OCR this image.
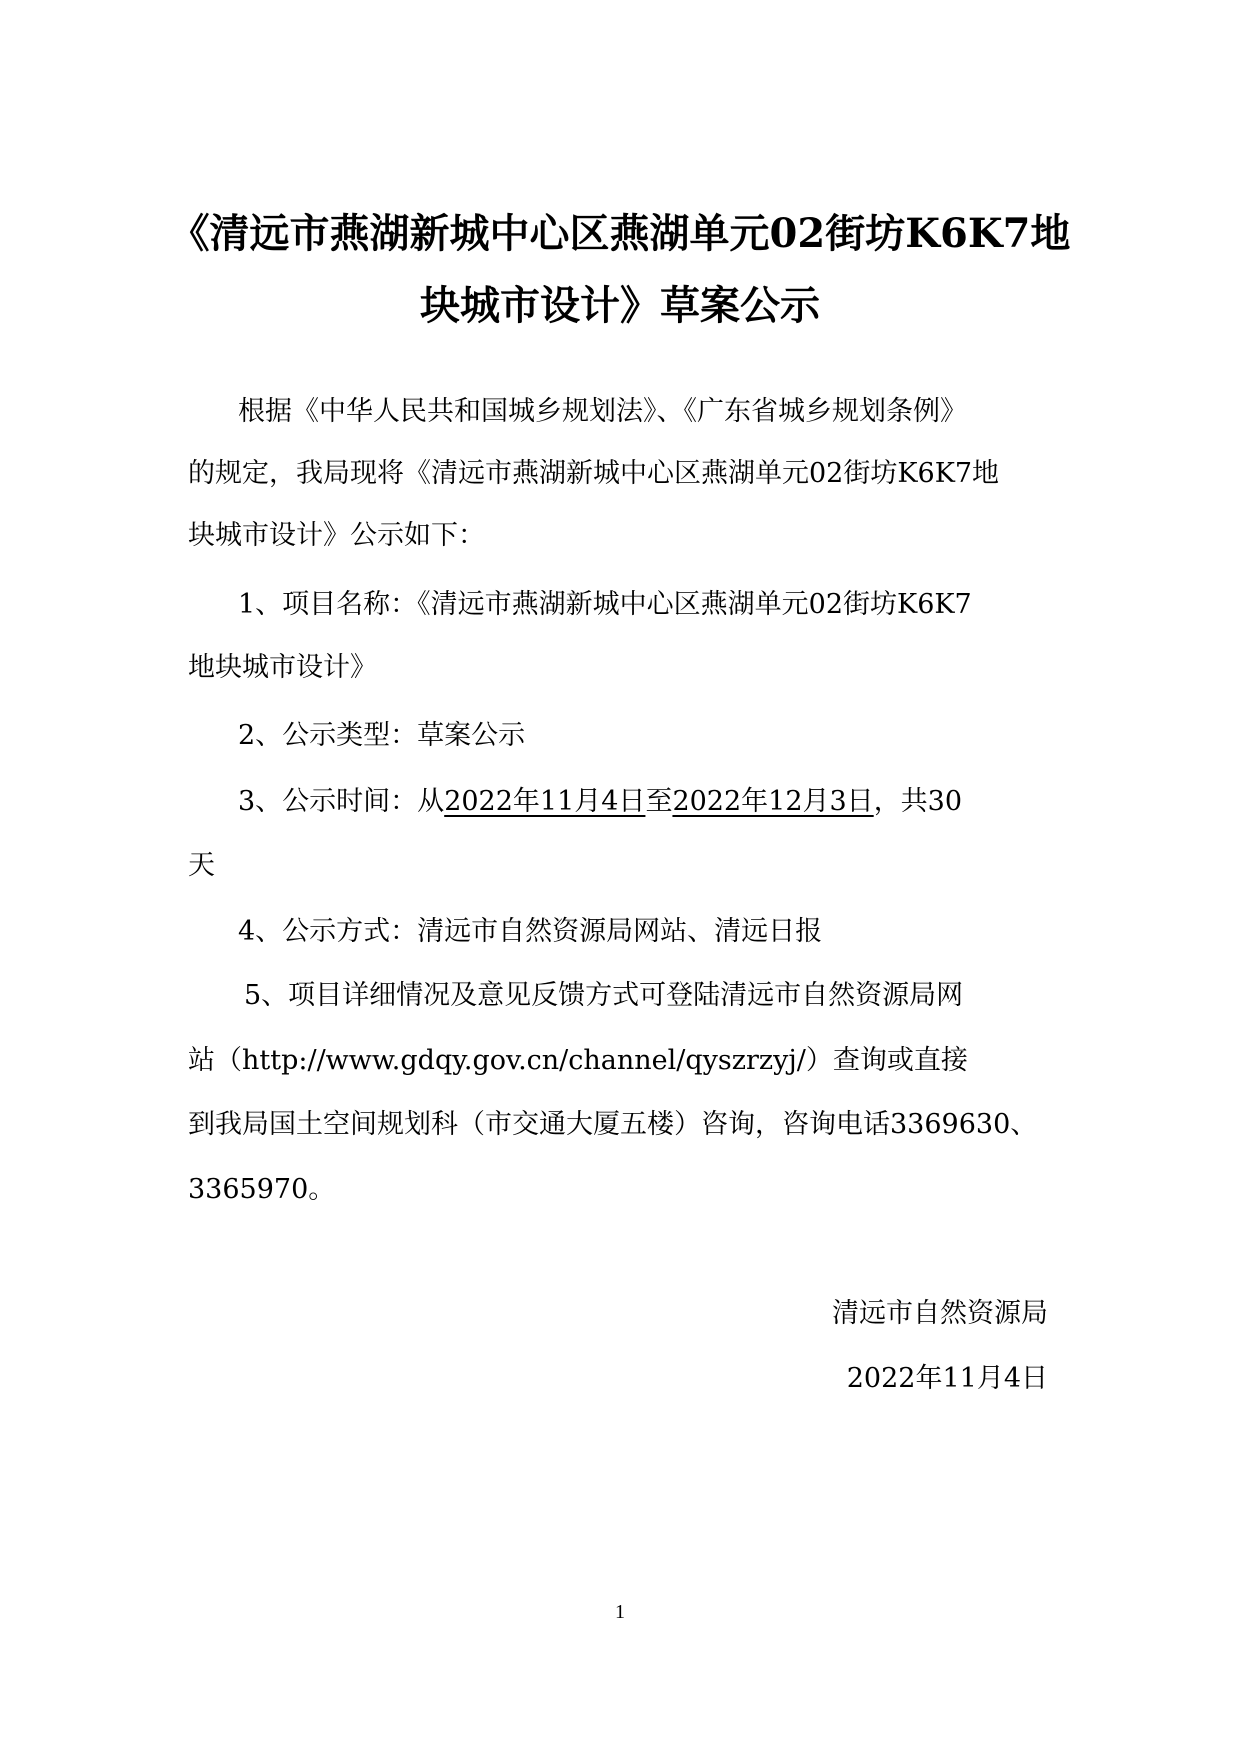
《清远市燕湖新城中心区燕湖单元02街坊K6K7地
块城市设计》草案公示
根据《中华人民共和国城乡规划法》、《广东省城乡规划条例》
的规定，我局现将《清远市燕湖新城中心区燕湖单元02街坊K6K7地
块城市设计》公示如下：
1、项目名称：《清远市燕湖新城中心区燕湖单元02街坊K6K7
地块城市设计》
2、公示类型：草案公示
3、公示时间：从2022年11月4日至2022年12月3日，共30
天
4、公示方式：清远市自然资源局网站、清远日报
5、项目详细情况及意见反馈方式可登陆清远市自然资源局网
站（http://www.gdqy.gov.cn/channel/qyszrzyj/）查询或直接
到我局国土空间规划科（市交通大厦五楼）咨询，咨询电话3369630、
3365970。
清远市自然资源局
2022年11月4日
1
